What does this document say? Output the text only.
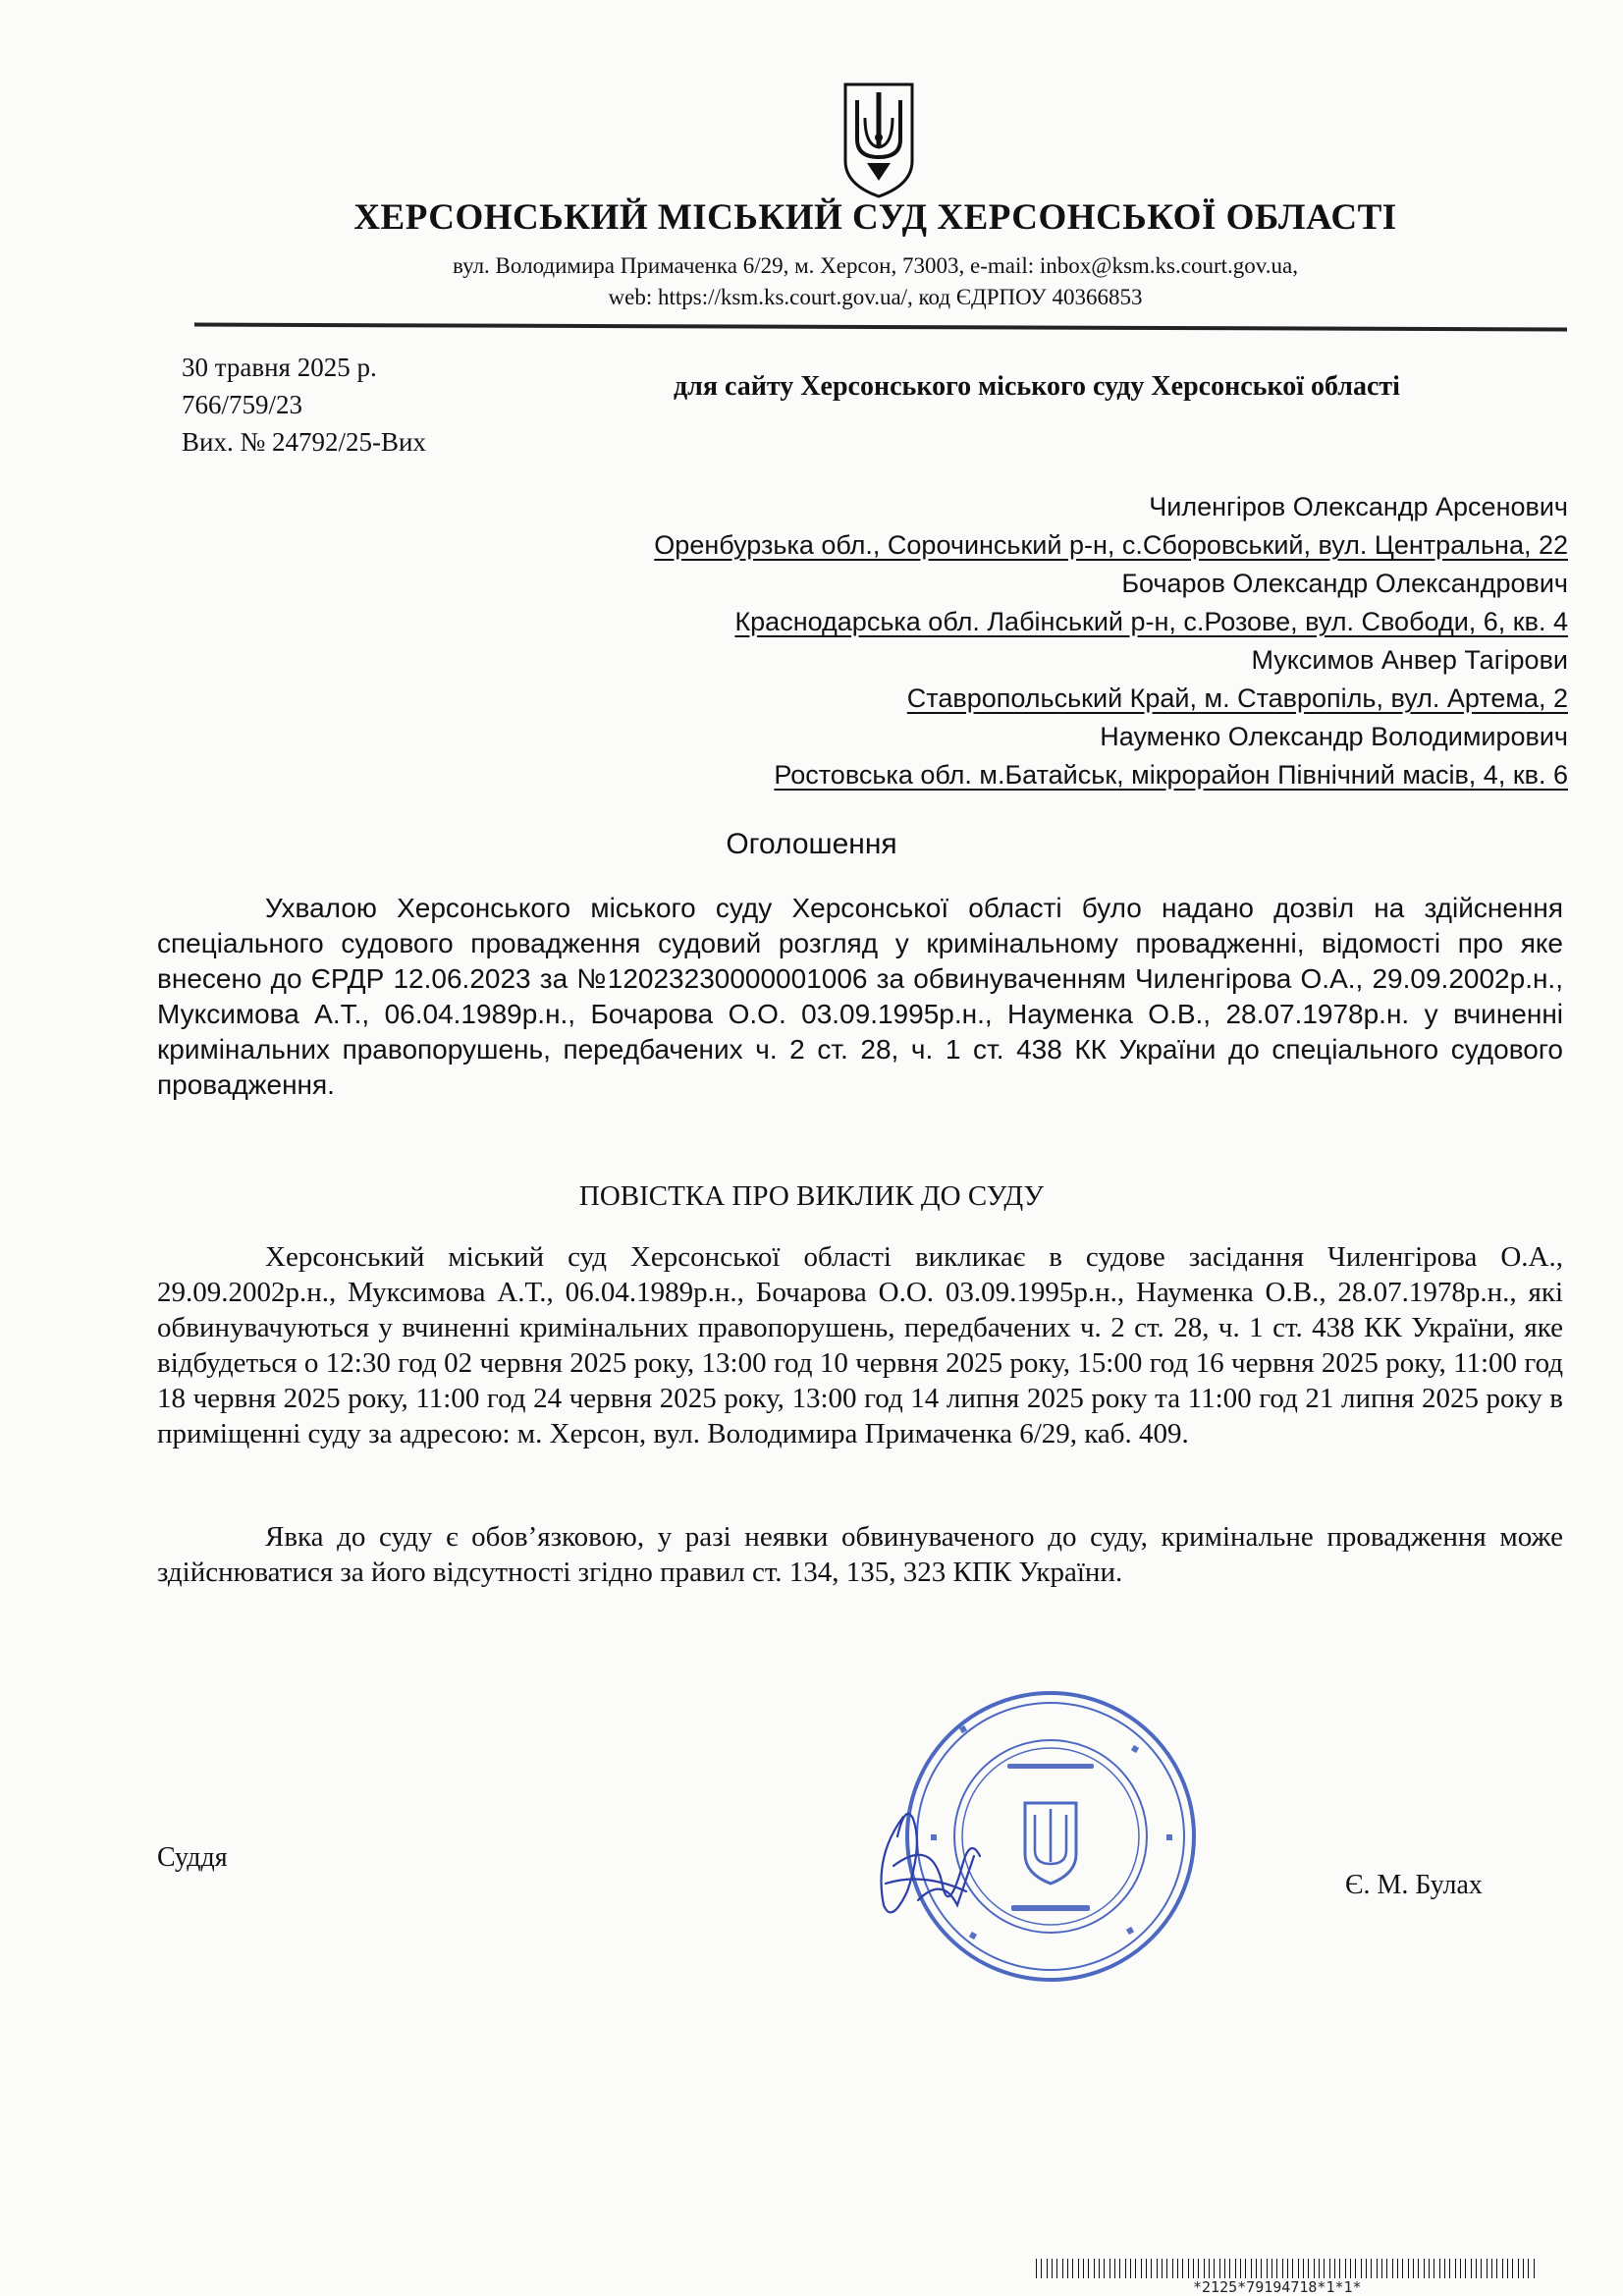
ХЕРСОНСЬКИЙ МІСЬКИЙ СУД ХЕРСОНСЬКОЇ ОБЛАСТІ
вул. Володимира Примаченка 6/29, м. Херсон, 73003, e-mail: inbox@ksm.ks.court.gov.ua,
web: https://ksm.ks.court.gov.ua/, код ЄДРПОУ 40366853
30 травня 2025 р.
766/759/23
Вих. № 24792/25-Вих
для сайту Херсонського міського суду Херсонської області
Чиленгіров Олександр Арсенович
Оренбурзька обл., Сорочинський р-н, с.Сборовський, вул. Центральна, 22
Бочаров Олександр Олександрович
Краснодарська обл. Лабінський р-н, с.Розове, вул. Свободи, 6, кв. 4
Муксимов Анвер Тагірови
Ставропольський Край, м. Ставропіль, вул. Артема, 2
Науменко Олександр Володимирович
Ростовська обл. м.Батайськ, мікрорайон Північний масів, 4, кв. 6
Оголошення

Ухвалою Херсонського міського суду Херсонської області було надано дозвіл на здійснення спеціального судового провадження судовий розгляд у кримінальному провадженні, відомості про яке внесено до ЄРДР 12.06.2023 за №12023230000001006 за обвинуваченням Чиленгірова О.А., 29.09.2002р.н., Муксимова А.Т., 06.04.1989р.н., Бочарова О.О. 03.09.1995р.н., Науменка О.В., 28.07.1978р.н. у вчиненні кримінальних правопорушень, передбачених ч. 2 ст. 28, ч. 1 ст. 438 КК України до спеціального судового провадження.

ПОВІСТКА ПРО ВИКЛИК ДО СУДУ

Херсонський міський суд Херсонської області викликає в судове засідання Чиленгірова О.А., 29.09.2002р.н., Муксимова А.Т., 06.04.1989р.н., Бочарова О.О. 03.09.1995р.н., Науменка О.В., 28.07.1978р.н., які обвинувачуються у вчиненні кримінальних правопорушень, передбачених ч. 2 ст. 28, ч. 1 ст. 438 КК України, яке відбудеться о 12:30 год 02 червня 2025 року, 13:00 год 10 червня 2025 року, 15:00 год 16 червня 2025 року, 11:00 год 18 червня 2025 року, 11:00 год 24 червня 2025 року, 13:00 год 14 липня 2025 року та 11:00 год 21 липня 2025 року в приміщенні суду за адресою: м. Херсон, вул. Володимира Примаченка 6/29, каб. 409.

Явка до суду є обов’язковою, у разі неявки обвинуваченого до суду, кримінальне провадження може здійснюватися за його відсутності згідно правил ст. 134, 135, 323 КПК України.

Суддя
Є. М. Булах
*2125*79194718*1*1*
